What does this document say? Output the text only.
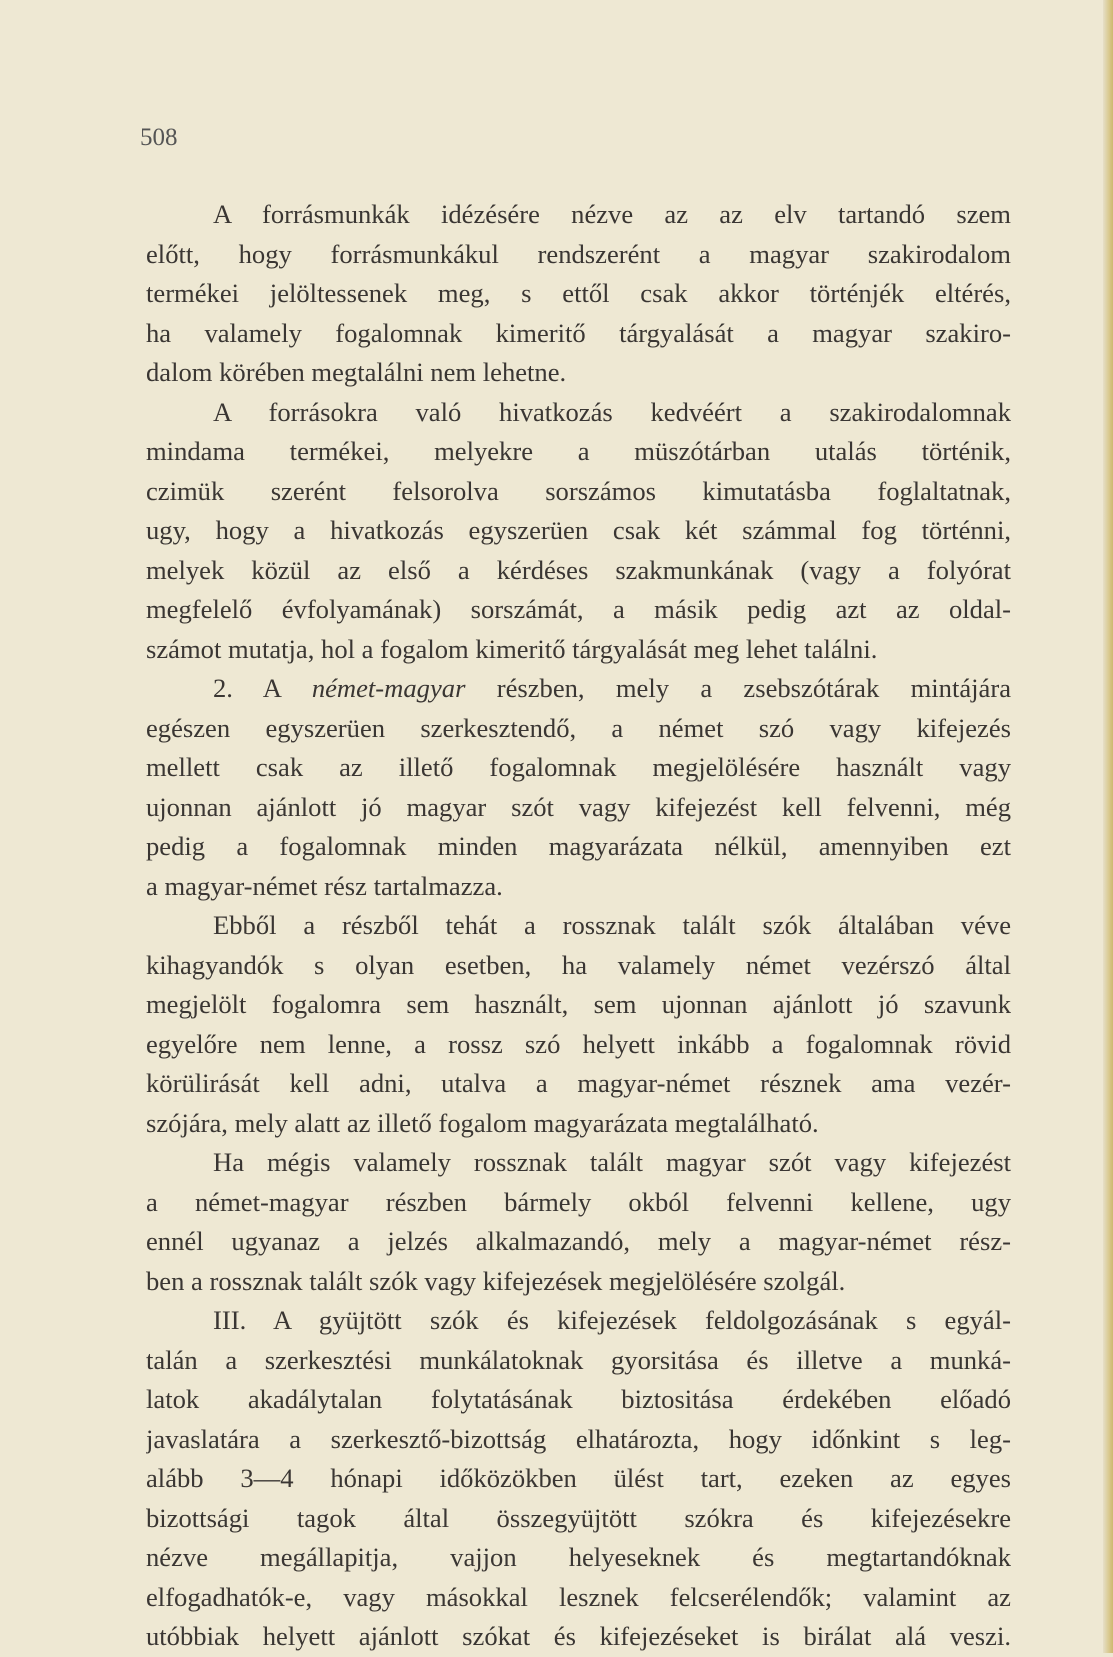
508
A forrásmunkák idézésére nézve az az elv tartandó szem
előtt, hogy forrásmunkákul rendszerént a magyar szakirodalom
termékei jelöltessenek meg, s ettől csak akkor történjék eltérés,
ha valamely fogalomnak kimeritő tárgyalását a magyar szakiro-
dalom körében megtalálni nem lehetne.
A forrásokra való hivatkozás kedvéért a szakirodalomnak
mindama termékei, melyekre a müszótárban utalás történik,
czimük szerént felsorolva sorszámos kimutatásba foglaltatnak,
ugy, hogy a hivatkozás egyszerüen csak két számmal fog történni,
melyek közül az első a kérdéses szakmunkának (vagy a folyórat
megfelelő évfolyamának) sorszámát, a másik pedig azt az oldal-
számot mutatja, hol a fogalom kimeritő tárgyalását meg lehet találni.
2. A német-magyar részben, mely a zsebszótárak mintájára
egészen egyszerüen szerkesztendő, a német szó vagy kifejezés
mellett csak az illető fogalomnak megjelölésére használt vagy
ujonnan ajánlott jó magyar szót vagy kifejezést kell felvenni, még
pedig a fogalomnak minden magyarázata nélkül, amennyiben ezt
a magyar-német rész tartalmazza.
Ebből a részből tehát a rossznak talált szók általában véve
kihagyandók s olyan esetben, ha valamely német vezérszó által
megjelölt fogalomra sem használt, sem ujonnan ajánlott jó szavunk
egyelőre nem lenne, a rossz szó helyett inkább a fogalomnak rövid
körülirását kell adni, utalva a magyar-német résznek ama vezér-
szójára, mely alatt az illető fogalom magyarázata megtalálható.
Ha mégis valamely rossznak talált magyar szót vagy kifejezést
a német-magyar részben bármely okból felvenni kellene, ugy
ennél ugyanaz a jelzés alkalmazandó, mely a magyar-német rész-
ben a rossznak talált szók vagy kifejezések megjelölésére szolgál.
III. A gyüjtött szók és kifejezések feldolgozásának s egyál-
talán a szerkesztési munkálatoknak gyorsitása és illetve a munká-
latok akadálytalan folytatásának biztositása érdekében előadó
javaslatára a szerkesztő-bizottság elhatározta, hogy időnkint s leg-
alább 3—4 hónapi időközökben ülést tart, ezeken az egyes
bizottsági tagok által összegyüjtött szókra és kifejezésekre
nézve megállapitja, vajjon helyeseknek és megtartandóknak
elfogadhatók-e, vagy másokkal lesznek felcserélendők; valamint az
utóbbiak helyett ajánlott szókat és kifejezéseket is birálat alá veszi.
